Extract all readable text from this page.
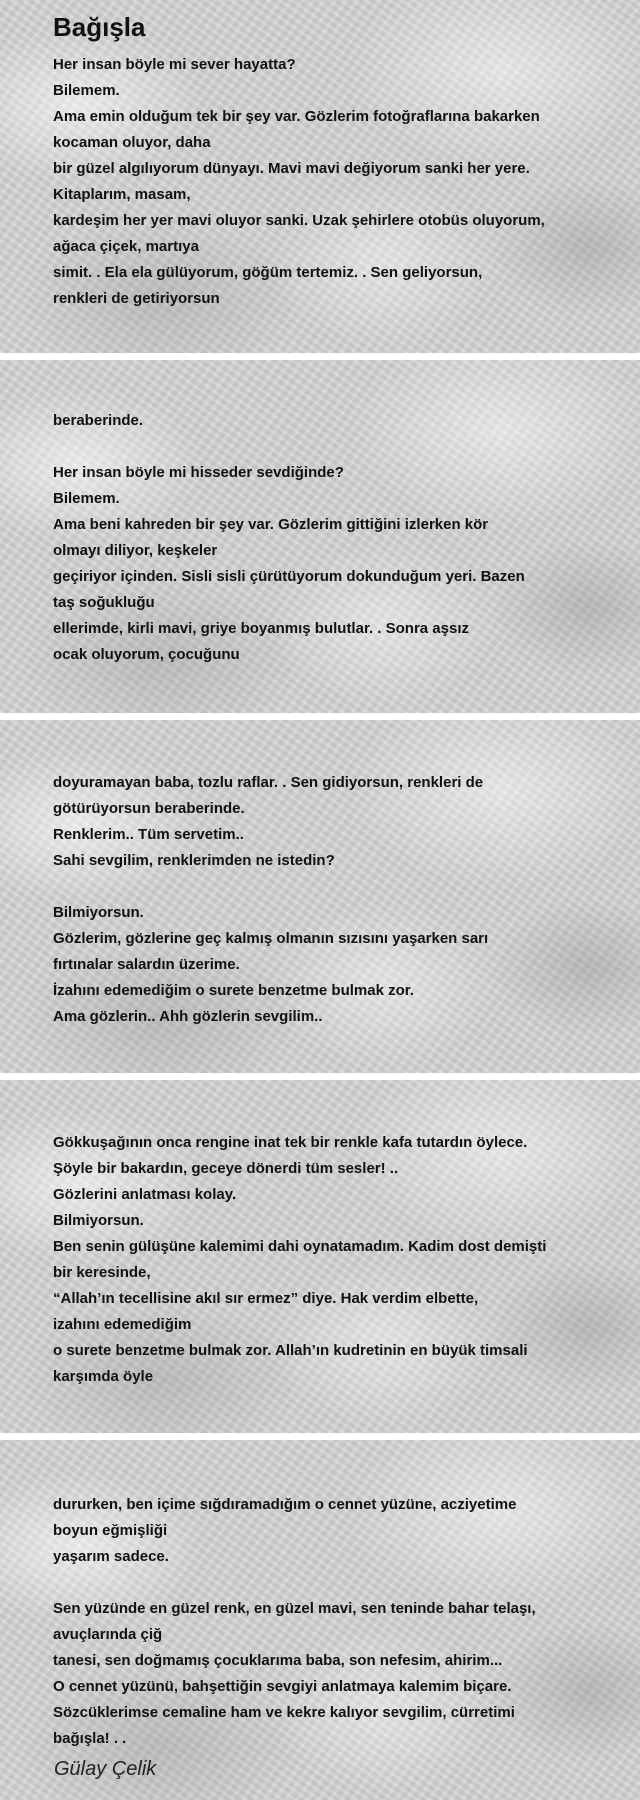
Bağışla
Her insan böyle mi sever hayatta?
Bilemem.
Ama emin olduğum tek bir şey var. Gözlerim fotoğraflarına bakarken
kocaman oluyor, daha
bir güzel algılıyorum dünyayı. Mavi mavi değiyorum sanki her yere.
Kitaplarım, masam,
kardeşim her yer mavi oluyor sanki. Uzak şehirlere otobüs oluyorum,
ağaca çiçek, martıya
simit. . Ela ela gülüyorum, göğüm tertemiz. . Sen geliyorsun,
renkleri de getiriyorsun
beraberinde.
Her insan böyle mi hisseder sevdiğinde?
Bilemem.
Ama beni kahreden bir şey var. Gözlerim gittiğini izlerken kör
olmayı diliyor, keşkeler
geçiriyor içinden. Sisli sisli çürütüyorum dokunduğum yeri. Bazen
taş soğukluğu
ellerimde, kirli mavi, griye boyanmış bulutlar. . Sonra aşsız
ocak oluyorum, çocuğunu
doyuramayan baba, tozlu raflar. . Sen gidiyorsun, renkleri de
götürüyorsun beraberinde.
Renklerim.. Tüm servetim..
Sahi sevgilim, renklerimden ne istedin?
Bilmiyorsun.
Gözlerim, gözlerine geç kalmış olmanın sızısını yaşarken sarı
fırtınalar salardın üzerime.
İzahını edemediğim o surete benzetme bulmak zor.
Ama gözlerin.. Ahh gözlerin sevgilim..
Gökkuşağının onca rengine inat tek bir renkle kafa tutardın öylece.
Şöyle bir bakardın, geceye dönerdi tüm sesler! ..
Gözlerini anlatması kolay.
Bilmiyorsun.
Ben senin gülüşüne kalemimi dahi oynatamadım. Kadim dost demişti
bir keresinde,
“Allah’ın tecellisine akıl sır ermez” diye. Hak verdim elbette,
izahını edemediğim
o surete benzetme bulmak zor. Allah’ın kudretinin en büyük timsali
karşımda öyle
dururken, ben içime sığdıramadığım o cennet yüzüne, acziyetime
boyun eğmişliği
yaşarım sadece.
Sen yüzünde en güzel renk, en güzel mavi, sen teninde bahar telaşı,
avuçlarında çiğ
tanesi, sen doğmamış çocuklarıma baba, son nefesim, ahirim...
O cennet yüzünü, bahşettiğin sevgiyi anlatmaya kalemim biçare.
Sözcüklerimse cemaline ham ve kekre kalıyor sevgilim, cürretimi
bağışla! . .
Gülay Çelik
